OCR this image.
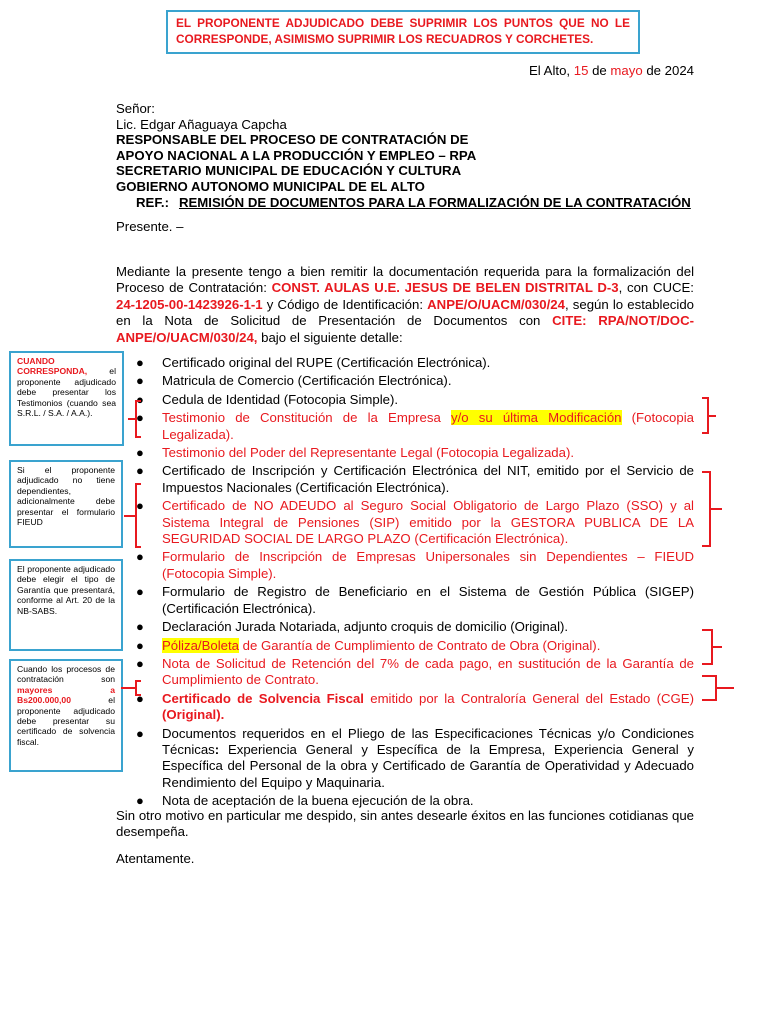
EL PROPONENTE ADJUDICADO DEBE SUPRIMIR LOS PUNTOS QUE NO LE CORRESPONDE, ASIMISMO SUPRIMIR LOS RECUADROS Y CORCHETES.
El Alto, 15 de mayo de 2024
Señor:
Lic. Edgar Añaguaya Capcha
RESPONSABLE DEL PROCESO DE CONTRATACIÓN DE
APOYO NACIONAL A LA PRODUCCIÓN Y EMPLEO – RPA
SECRETARIO MUNICIPAL DE EDUCACIÓN Y CULTURA
GOBIERNO AUTONOMO MUNICIPAL DE EL ALTO
REF.: REMISIÓN DE DOCUMENTOS PARA LA FORMALIZACIÓN DE LA CONTRATACIÓN
Presente. –
Mediante la presente tengo a bien remitir la documentación requerida para la formalización del Proceso de Contratación: CONST. AULAS U.E. JESUS DE BELEN DISTRITAL D-3, con CUCE: 24-1205-00-1423926-1-1 y Código de Identificación: ANPE/O/UACM/030/24, según lo establecido en la Nota de Solicitud de Presentación de Documentos con CITE: RPA/NOT/DOC- ANPE/O/UACM/030/24, bajo el siguiente detalle:
● Certificado original del RUPE (Certificación Electrónica).
● Matricula de Comercio (Certificación Electrónica).
● Cedula de Identidad (Fotocopia Simple).
● Testimonio de Constitución de la Empresa y/o su última Modificación (Fotocopia Legalizada).
● Testimonio del Poder del Representante Legal (Fotocopia Legalizada).
● Certificado de Inscripción y Certificación Electrónica del NIT, emitido por el Servicio de Impuestos Nacionales (Certificación Electrónica).
● Certificado de NO ADEUDO al Seguro Social Obligatorio de Largo Plazo (SSO) y al Sistema Integral de Pensiones (SIP) emitido por la GESTORA PUBLICA DE LA SEGURIDAD SOCIAL DE LARGO PLAZO (Certificación Electrónica).
● Formulario de Inscripción de Empresas Unipersonales sin Dependientes – FIEUD (Fotocopia Simple).
● Formulario de Registro de Beneficiario en el Sistema de Gestión Pública (SIGEP) (Certificación Electrónica).
● Declaración Jurada Notariada, adjunto croquis de domicilio (Original).
● Póliza/Boleta de Garantía de Cumplimiento de Contrato de Obra (Original).
● Nota de Solicitud de Retención del 7% de cada pago, en sustitución de la Garantía de Cumplimiento de Contrato.
● Certificado de Solvencia Fiscal emitido por la Contraloría General del Estado (CGE) (Original).
● Documentos requeridos en el Pliego de las Especificaciones Técnicas y/o Condiciones Técnicas: Experiencia General y Específica de la Empresa, Experiencia General y Específica del Personal de la obra y Certificado de Garantía de Operatividad y Adecuado Rendimiento del Equipo y Maquinaria.
● Nota de aceptación de la buena ejecución de la obra.
Sin otro motivo en particular me despido, sin antes desearle éxitos en las funciones cotidianas que desempeña.
Atentamente.
CUANDO CORRESPONDA, el proponente adjudicado debe presentar los Testimonios (cuando sea S.R.L. / S.A. / A.A.).
Si el proponente adjudicado no tiene dependientes, adicionalmente debe presentar el formulario FIEUD
El proponente adjudicado debe elegir el tipo de Garantía que presentará, conforme al Art. 20 de la NB-SABS.
Cuando los procesos de contratación son mayores a Bs200.000,00 el proponente adjudicado debe presentar su certificado de solvencia fiscal.
